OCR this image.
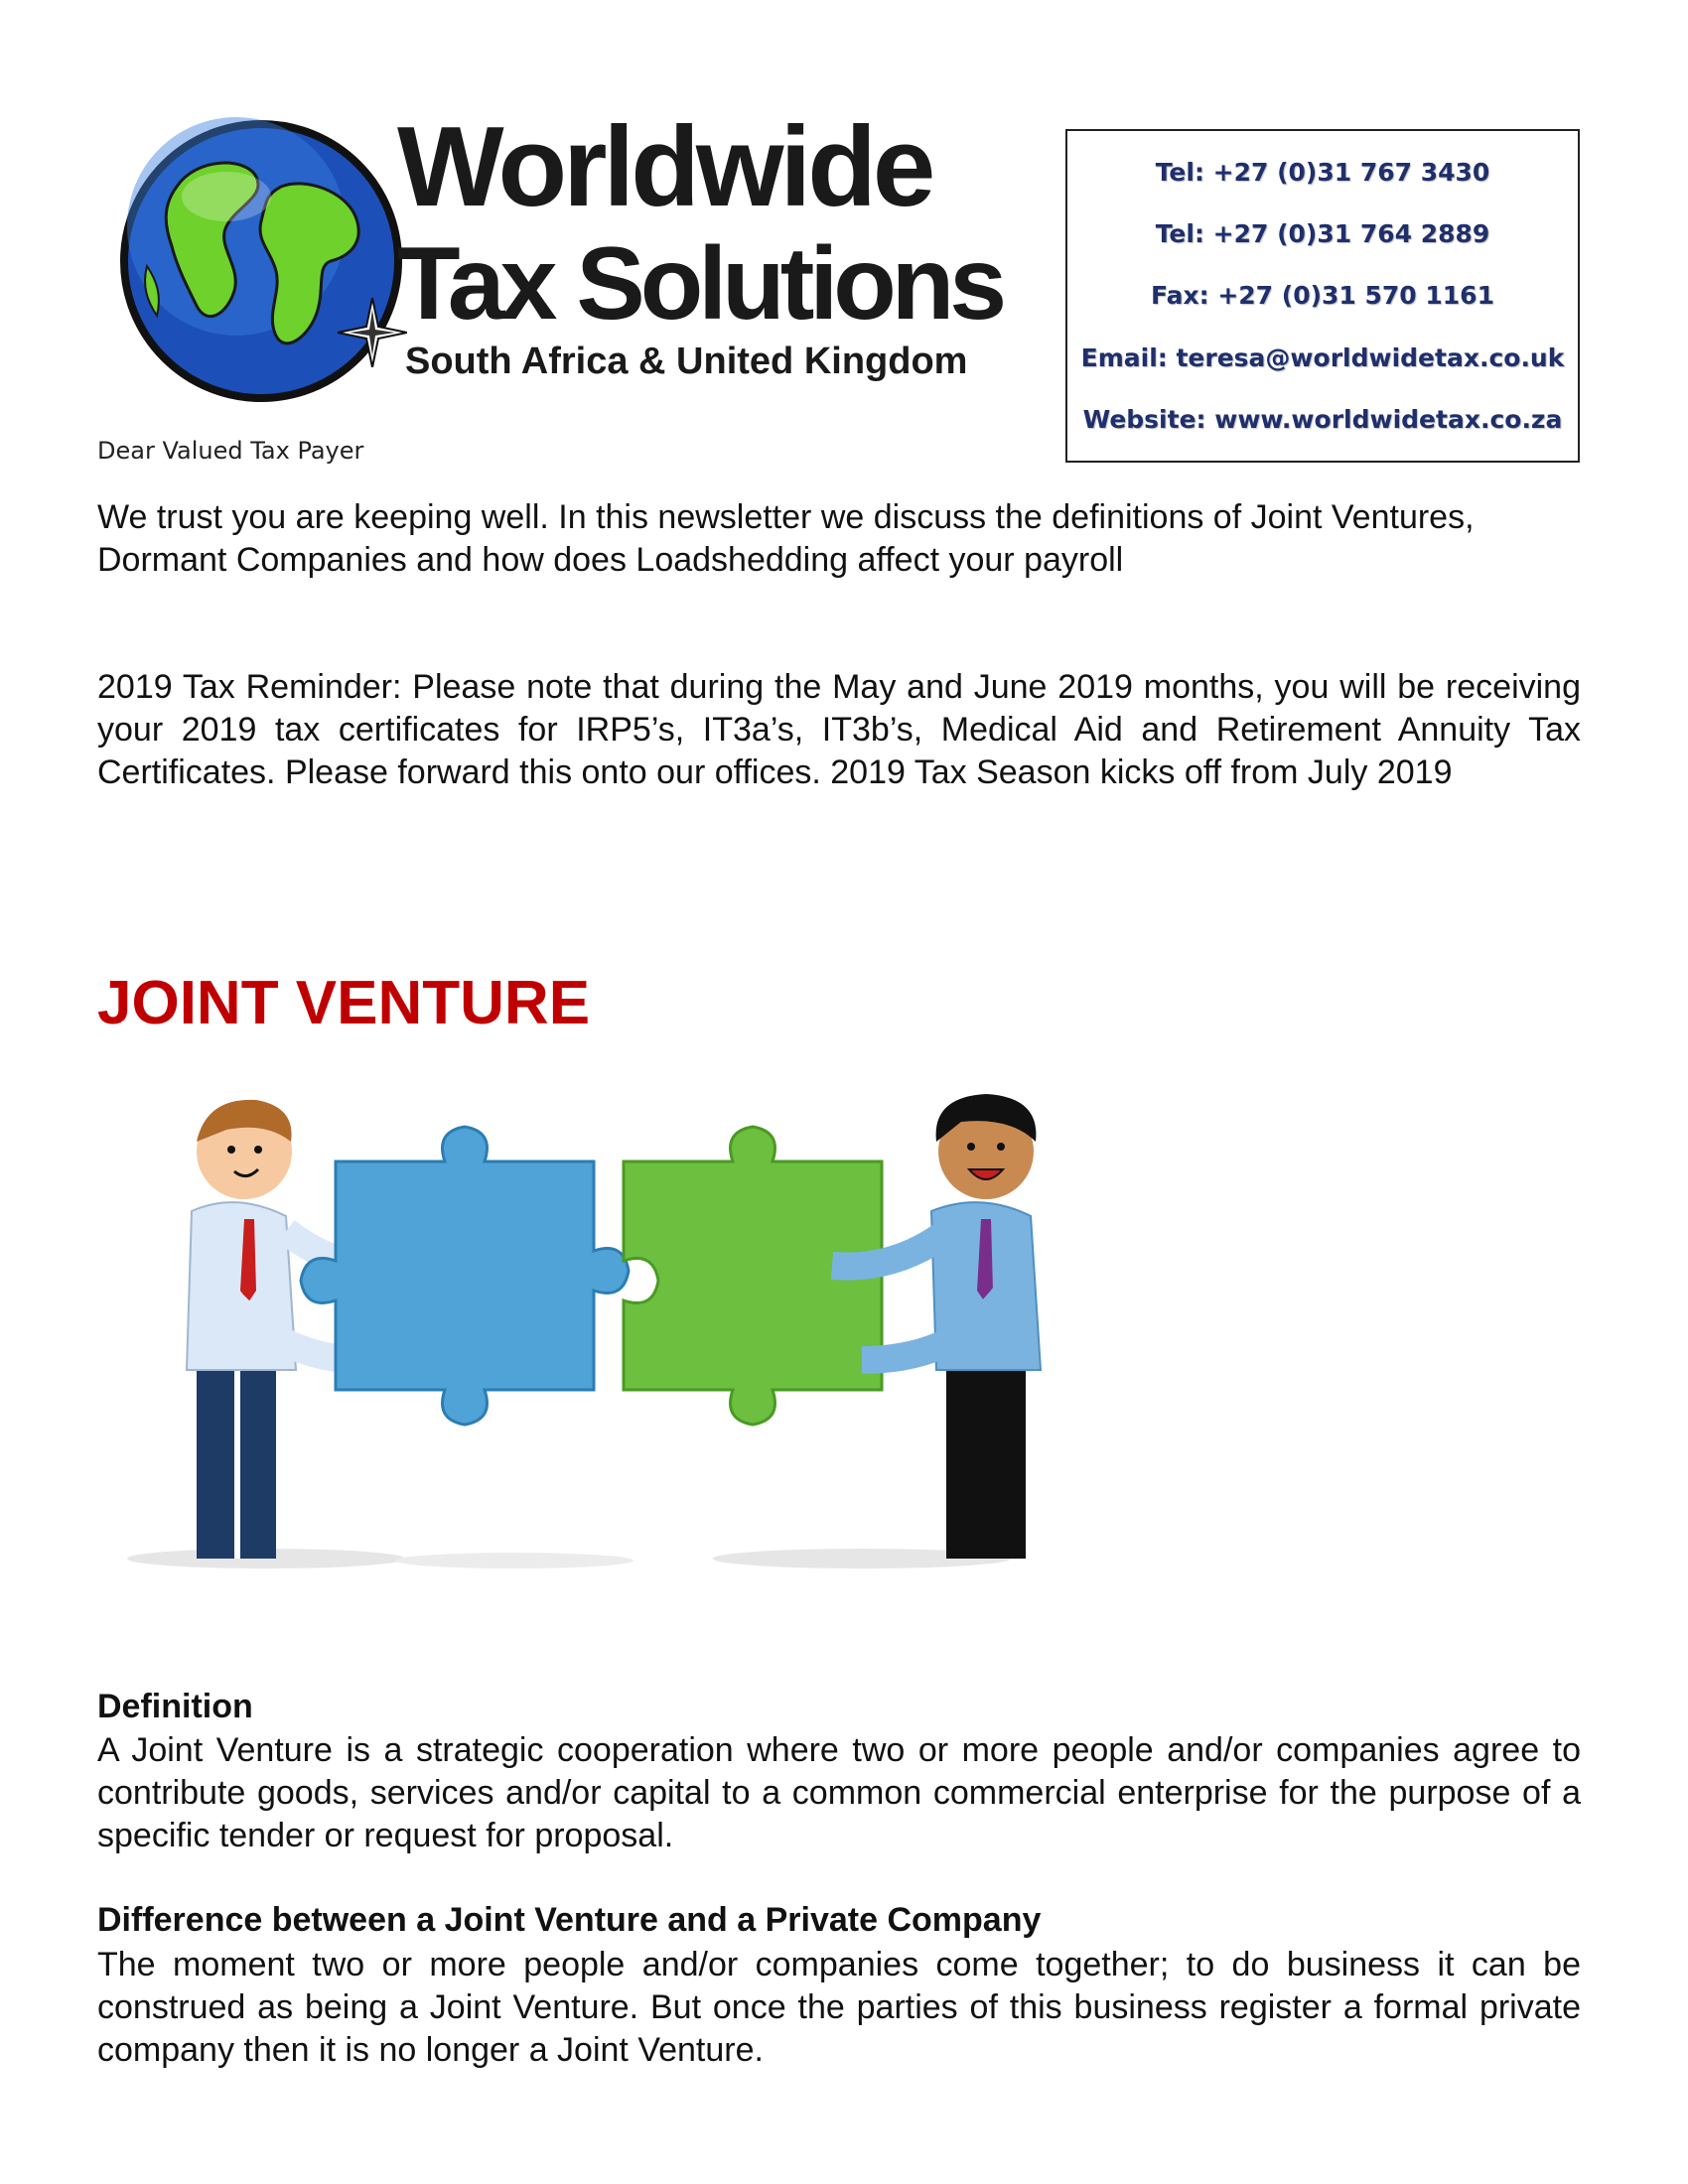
Worldwide
Tax Solutions
South Africa & United Kingdom
Tel: +27 (0)31 767 3430
Tel: +27 (0)31 764 2889
Fax: +27 (0)31 570 1161
Email: teresa@worldwidetax.co.uk
Website: www.worldwidetax.co.za
Dear Valued Tax Payer
We trust you are keeping well. In this newsletter we discuss the definitions of Joint Ventures, Dormant Companies and how does Loadshedding affect your payroll
2019 Tax Reminder: Please note that during the May and June 2019 months, you will be receiving your 2019 tax certificates for IRP5’s, IT3a’s, IT3b’s, Medical Aid and Retirement Annuity Tax Certificates. Please forward this onto our offices. 2019 Tax Season kicks off from July 2019
JOINT VENTURE
Definition
A Joint Venture is a strategic cooperation where two or more people and/or companies agree to contribute goods, services and/or capital to a common commercial enterprise for the purpose of a specific tender or request for proposal.
Difference between a Joint Venture and a Private Company
The moment two or more people and/or companies come together; to do business it can be construed as being a Joint Venture. But once the parties of this business register a formal private company then it is no longer a Joint Venture.
